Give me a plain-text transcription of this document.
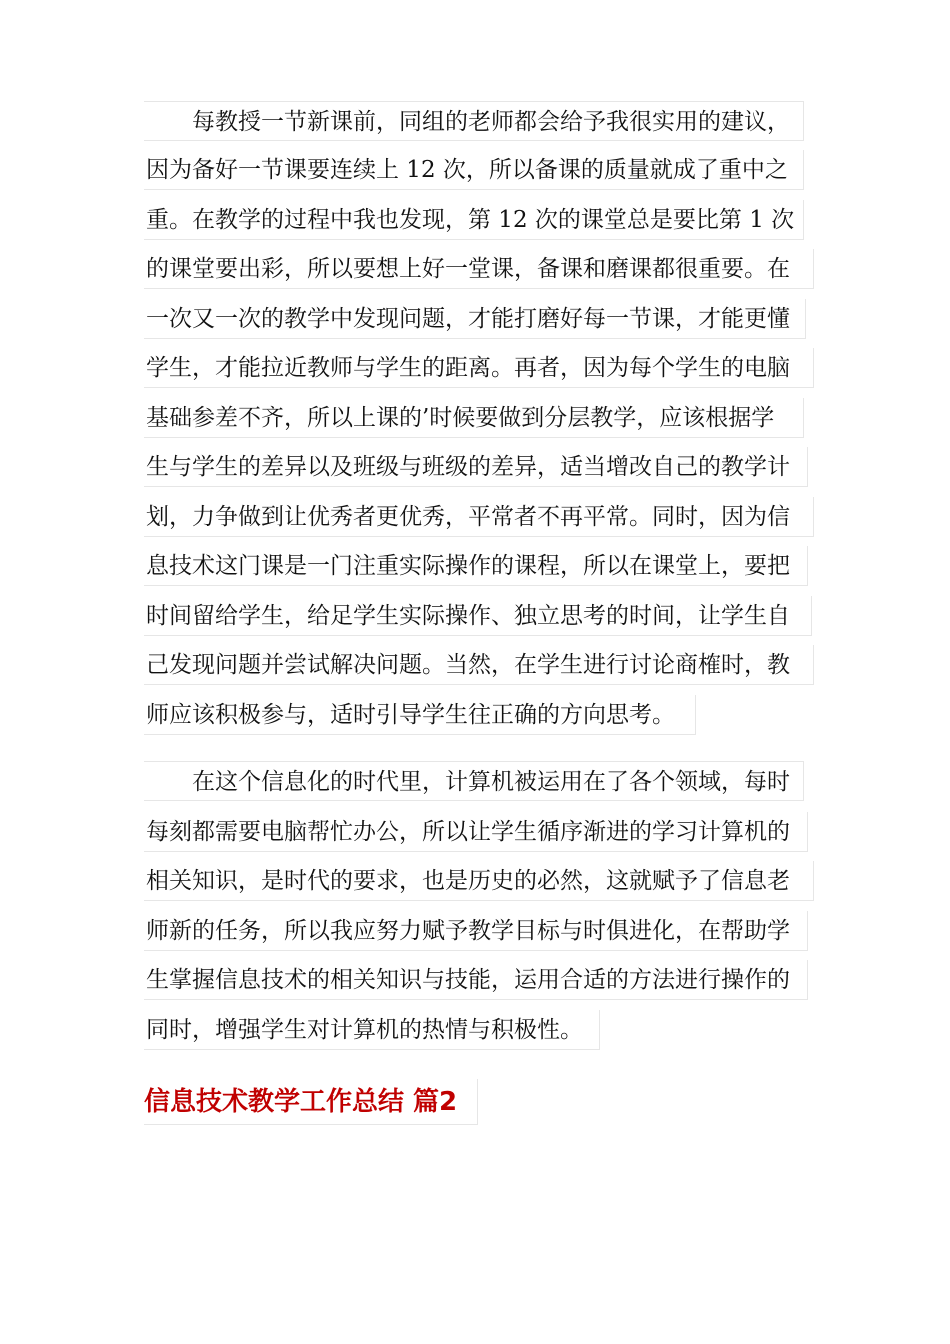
每教授一节新课前，同组的老师都会给予我很实用的建议，
因为备好一节课要连续上 12 次，所以备课的质量就成了重中之
重。在教学的过程中我也发现，第 12 次的课堂总是要比第 1 次
的课堂要出彩，所以要想上好一堂课，备课和磨课都很重要。在
一次又一次的教学中发现问题，才能打磨好每一节课，才能更懂
学生，才能拉近教师与学生的距离。再者，因为每个学生的电脑
基础参差不齐，所以上课的’时候要做到分层教学，应该根据学
生与学生的差异以及班级与班级的差异，适当增改自己的教学计
划，力争做到让优秀者更优秀，平常者不再平常。同时，因为信
息技术这门课是一门注重实际操作的课程，所以在课堂上，要把
时间留给学生，给足学生实际操作、独立思考的时间，让学生自
己发现问题并尝试解决问题。当然，在学生进行讨论商榷时，教
师应该积极参与，适时引导学生往正确的方向思考。
在这个信息化的时代里，计算机被运用在了各个领域，每时
每刻都需要电脑帮忙办公，所以让学生循序渐进的学习计算机的
相关知识，是时代的要求，也是历史的必然，这就赋予了信息老
师新的任务，所以我应努力赋予教学目标与时俱进化，在帮助学
生掌握信息技术的相关知识与技能，运用合适的方法进行操作的
同时，增强学生对计算机的热情与积极性。
信息技术教学工作总结 篇2
